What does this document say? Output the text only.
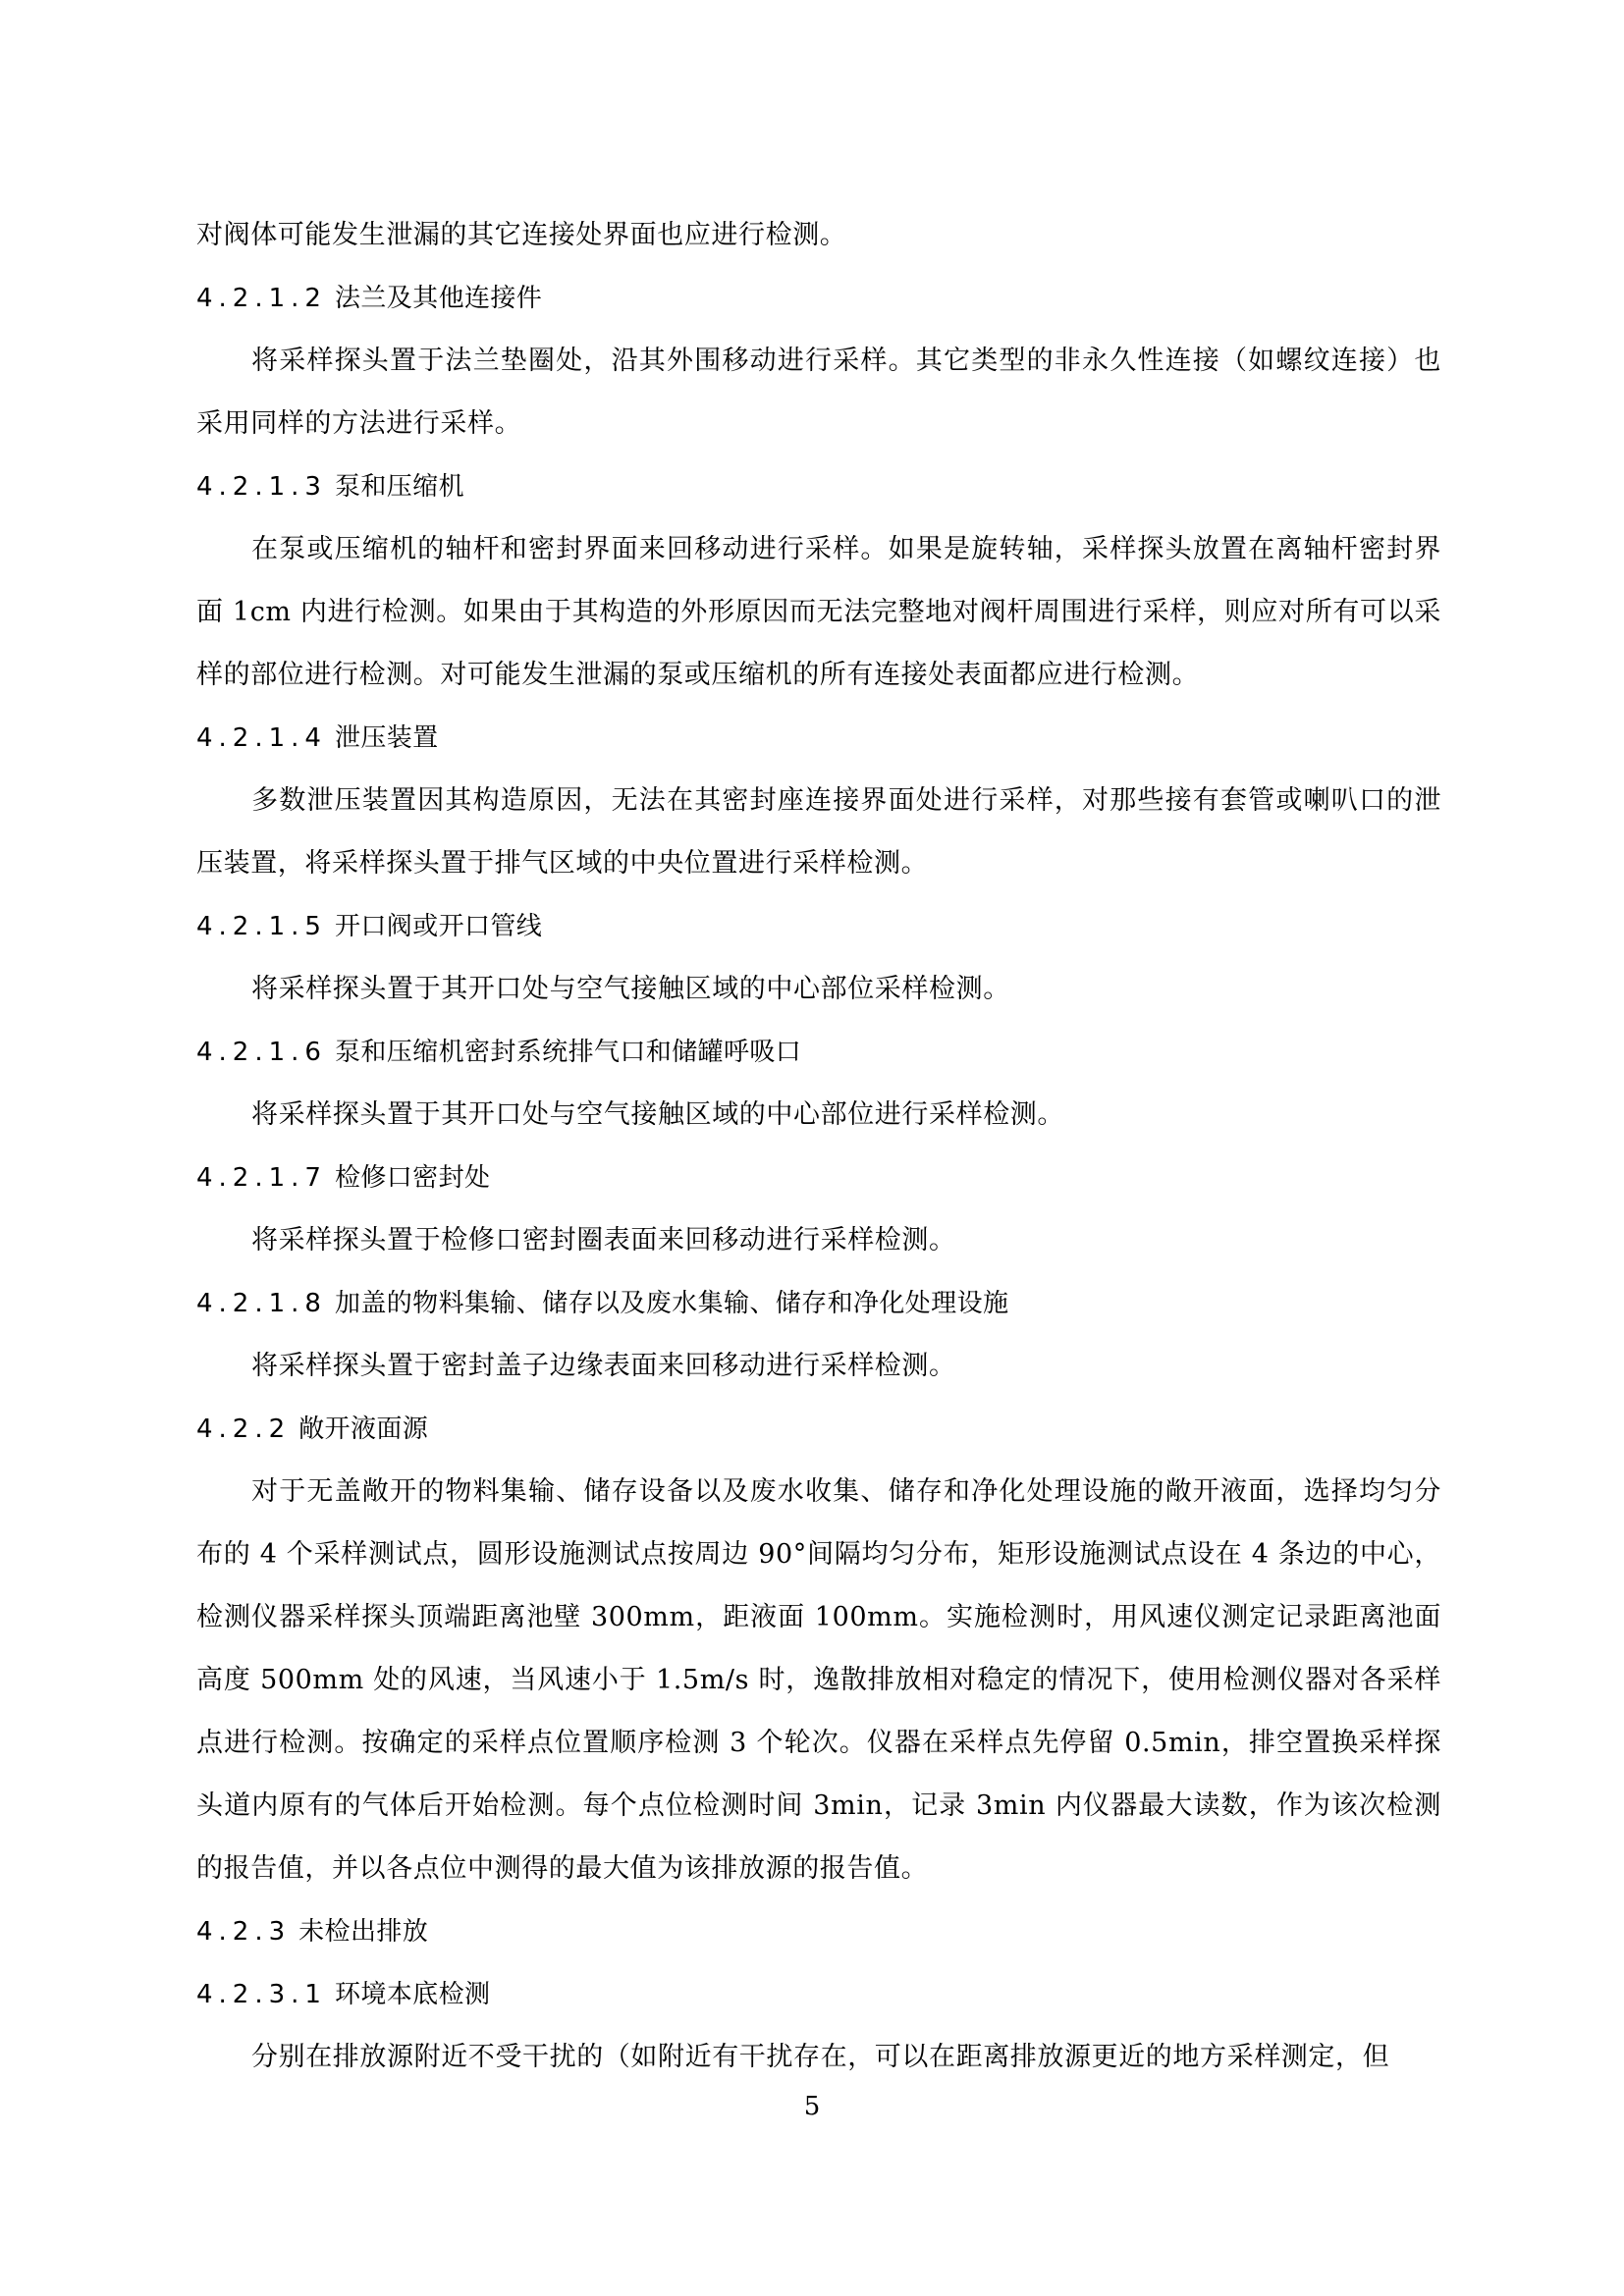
对阀体可能发生泄漏的其它连接处界面也应进行检测。

4.2.1.2 法兰及其他连接件

将采样探头置于法兰垫圈处，沿其外围移动进行采样。其它类型的非永久性连接（如螺纹连接）也采用同样的方法进行采样。

4.2.1.3 泵和压缩机

在泵或压缩机的轴杆和密封界面来回移动进行采样。如果是旋转轴，采样探头放置在离轴杆密封界面 1cm 内进行检测。如果由于其构造的外形原因而无法完整地对阀杆周围进行采样，则应对所有可以采样的部位进行检测。对可能发生泄漏的泵或压缩机的所有连接处表面都应进行检测。

4.2.1.4 泄压装置

多数泄压装置因其构造原因，无法在其密封座连接界面处进行采样，对那些接有套管或喇叭口的泄压装置，将采样探头置于排气区域的中央位置进行采样检测。

4.2.1.5 开口阀或开口管线

将采样探头置于其开口处与空气接触区域的中心部位采样检测。

4.2.1.6 泵和压缩机密封系统排气口和储罐呼吸口

将采样探头置于其开口处与空气接触区域的中心部位进行采样检测。

4.2.1.7 检修口密封处

将采样探头置于检修口密封圈表面来回移动进行采样检测。

4.2.1.8 加盖的物料集输、储存以及废水集输、储存和净化处理设施

将采样探头置于密封盖子边缘表面来回移动进行采样检测。

4.2.2 敞开液面源

对于无盖敞开的物料集输、储存设备以及废水收集、储存和净化处理设施的敞开液面，选择均匀分布的 4 个采样测试点，圆形设施测试点按周边 90°间隔均匀分布，矩形设施测试点设在 4 条边的中心，检测仪器采样探头顶端距离池壁 300mm，距液面 100mm。实施检测时，用风速仪测定记录距离池面高度 500mm 处的风速，当风速小于 1.5m/s 时，逸散排放相对稳定的情况下，使用检测仪器对各采样点进行检测。按确定的采样点位置顺序检测 3 个轮次。仪器在采样点先停留 0.5min，排空置换采样探头道内原有的气体后开始检测。每个点位检测时间 3min，记录 3min 内仪器最大读数，作为该次检测的报告值，并以各点位中测得的最大值为该排放源的报告值。

4.2.3 未检出排放

4.2.3.1 环境本底检测

分别在排放源附近不受干扰的（如附近有干扰存在，可以在距离排放源更近的地方采样测定，但

5
